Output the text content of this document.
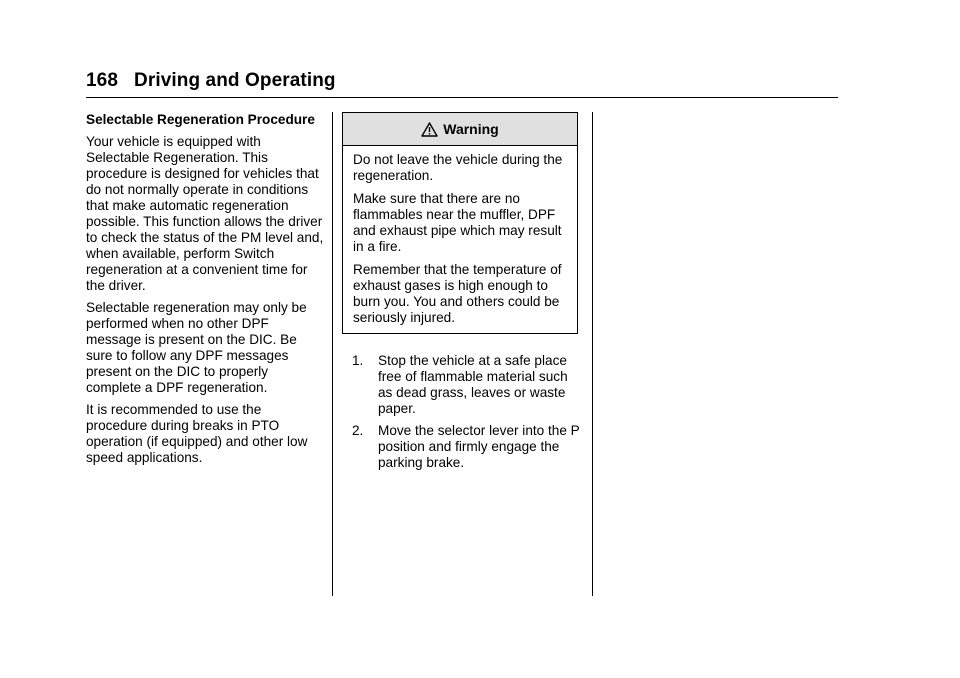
168 Driving and Operating
Selectable Regeneration Procedure

Your vehicle is equipped with Selectable Regeneration. This procedure is designed for vehicles that do not normally operate in conditions that make automatic regeneration possible. This function allows the driver to check the status of the PM level and, when available, perform Switch regeneration at a convenient time for the driver.

Selectable regeneration may only be performed when no other DPF message is present on the DIC. Be sure to follow any DPF messages present on the DIC to properly complete a DPF regeneration.

It is recommended to use the procedure during breaks in PTO operation (if equipped) and other low speed applications.

Warning

Do not leave the vehicle during the regeneration.

Make sure that there are no flammables near the muffler, DPF and exhaust pipe which may result in a fire.

Remember that the temperature of exhaust gases is high enough to burn you. You and others could be seriously injured.

1.	Stop the vehicle at a safe place free of flammable material such as dead grass, leaves or waste paper.
2.	Move the selector lever into the P position and firmly engage the parking brake.
